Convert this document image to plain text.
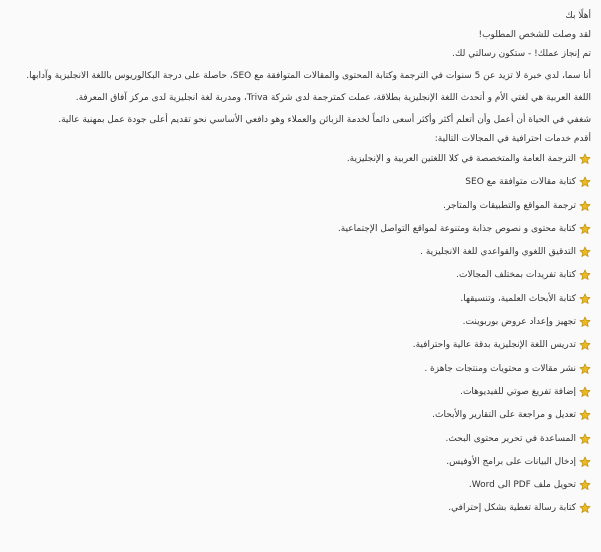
أهلًا بك

لقد وصلت للشخص المطلوب!

تم إنجاز عملك! - ستكون رسالتي لك.

أنا سما، لدي خبرة لا تزيد عن 5 سنوات في الترجمة وكتابة المحتوى والمقالات المتوافقة مع SEO، حاصلة على درجة البكالوريوس باللغة الانجليزية وآدابها.

اللغة العربية هي لغتي الأم و أتحدث اللغة الإنجليزية بطلاقة، عملت كمترجمة لدى شركة Triva، ومدربة لغة انجليزية لدى مركز آفاق المعرفة.

شغفي في الحياة أن أعمل وأن أتعلم أكثر وأكثر أسعى دائماً لخدمة الزبائن والعملاء وهو دافعي الأساسي نحو تقديم أعلى جودة عمل بمهنية عالية.

أقدم خدمات احترافية في المجالات التالية:

الترجمة العامة والمتخصصة في كلا اللغتين العربية و الإنجليزية.
كتابة مقالات متوافقة مع SEO
ترجمة المواقع والتطبيقات والمتاجر.
كتابة محتوى و نصوص جذابة ومتنوعة لمواقع التواصل الإجتماعية.
التدقيق اللغوي والقواعدي للغة الانجليزية .
كتابة تفريدات بمختلف المجالات.
كتابة الأبحاث العلمية، وتنسيقها.
تجهيز وإعداد عروض بوربوينت.
تدريس اللغة الإنجليزية بدقة عالية واحترافية.
نشر مقالات و محتويات ومنتجات جاهزة .
إضافة تفريغ صوتي للفيديوهات.
تعديل و مراجعة على التقارير والأبحاث.
المساعدة في تحرير محتوى البحث.
إدخال البيانات على برامج الأوفيس.
تحويل ملف PDF الى Word.
كتابة رسالة تغطية بشكل إحترافي.
